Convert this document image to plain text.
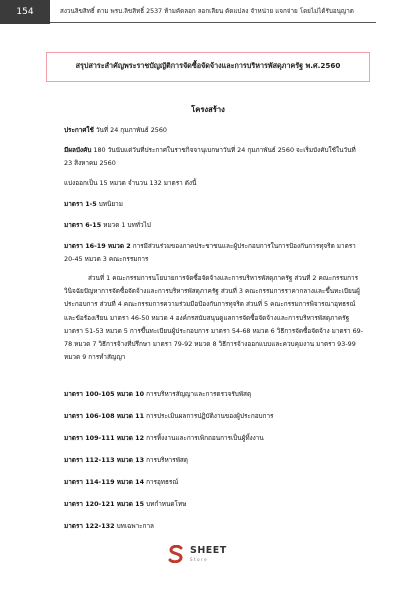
154	สงวนลิขสิทธิ์ ตาม พรบ.ลิขสิทธิ์ 2537 ห้ามคัดลอก ลอกเลียน ดัดแปลง จำหน่าย แจกจ่าย โดยไม่ได้รับอนุญาต
สรุปสาระสำคัญพระราชบัญญัติการจัดซื้อจัดจ้างและการบริหารพัสดุภาครัฐ พ.ศ.2560
โครงสร้าง
ประกาศใช้ วันที่ 24 กุมภาพันธ์ 2560
มีผลบังคับ 180 วันนับแต่วันที่ประกาศในราชกิจจานุเบกษาวันที่ 24 กุมภาพันธ์ 2560 จะเริ่มบังคับใช้ในวันที่ 23 สิงหาคม 2560
แบ่งออกเป็น 15 หมวด จำนวน 132 มาตรา ดังนี้
มาตรา 1-5 บทนิยาม
มาตรา 6-15 หมวด 1 บททั่วไป
มาตรา 16-19 หมวด 2 การมีส่วนร่วมของภาคประชาชนและผู้ประกอบการในการป้องกันการทุจริต มาตรา 20-45 หมวด 3 คณะกรรมการ
ส่วนที่ 1 คณะกรรมการนโยบายการจัดซื้อจัดจ้างและการบริหารพัสดุภาครัฐ ส่วนที่ 2 คณะกรรมการวินิจฉัยปัญหาการจัดซื้อจัดจ้างและการบริหารพัสดุภาครัฐ ส่วนที่ 3 คณะกรรมการราคากลางและขึ้นทะเบียนผู้ประกอบการ ส่วนที่ 4 คณะกรรมการความร่วมมือป้องกันการทุจริต ส่วนที่ 5 คณะกรรมการพิจารณาอุทธรณ์และข้อร้องเรียน มาตรา 46-50 หมวด 4 องค์กรสนับสนุนดูแลการจัดซื้อจัดจ้างและการบริหารพัสดุภาครัฐ มาตรา 51-53 หมวด 5 การขึ้นทะเบียนผู้ประกอบการ มาตรา 54-68 หมวด 6 วิธีการจัดซื้อจัดจ้าง มาตรา 69-78 หมวด 7 วิธีการจ้างที่ปรึกษา มาตรา 79-92 หมวด 8 วิธีการจ้างออกแบบและควบคุมงาน มาตรา 93-99 หมวด 9 การทำสัญญา
มาตรา 100-105 หมวด 10 การบริหารสัญญาและการตรวจรับพัสดุ
มาตรา 106-108 หมวด 11 การประเมินผลการปฏิบัติงานของผู้ประกอบการ
มาตรา 109-111 หมวด 12 การทิ้งงานและการเพิกถอนการเป็นผู้ทิ้งงาน
มาตรา 112-113 หมวด 13 การบริหารพัสดุ
มาตรา 114-119 หมวด 14 การอุทธรณ์
มาตรา 120-121 หมวด 15 บทกำหนดโทษ
มาตรา 122-132 บทเฉพาะกาล
SHEET
Store
